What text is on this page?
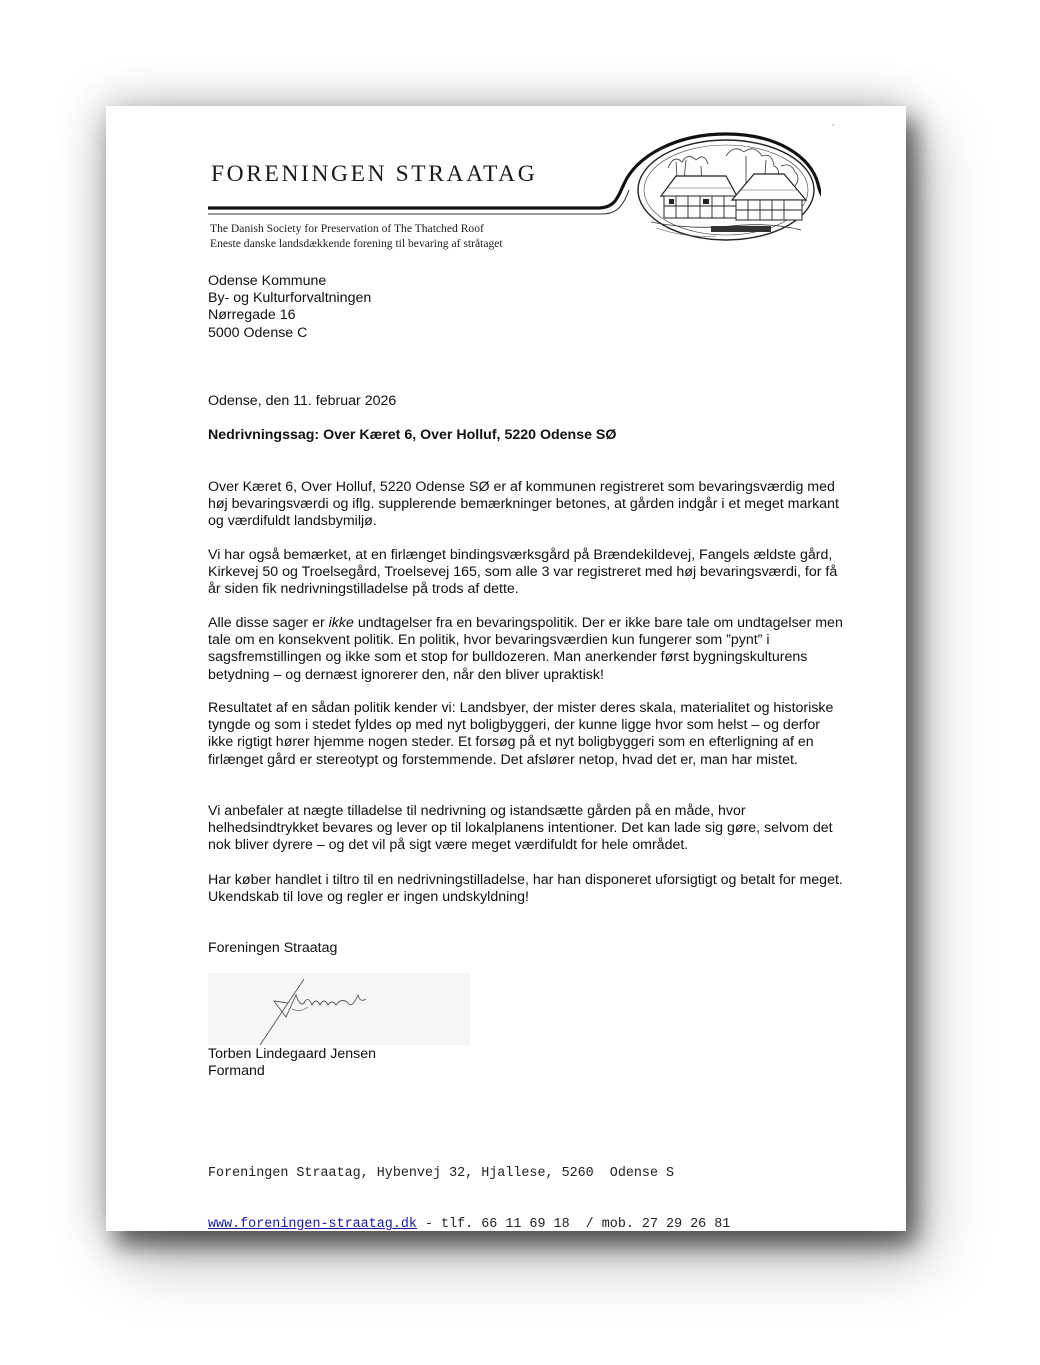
FORENINGEN STRAATAG
The Danish Society for Preservation of The Thatched Roof
Eneste danske landsdækkende forening til bevaring af stråtaget

Odense Kommune

By- og Kulturforvaltningen

Nørregade 16

5000 Odense C

Odense, den 11. februar 2026

Nedrivningssag: Over Kæret 6, Over Holluf, 5220 Odense SØ

Over Kæret 6, Over Holluf, 5220 Odense SØ er af kommunen registreret som bevaringsværdig med høj bevaringsværdi og iflg. supplerende bemærkninger betones, at gården indgår i et meget markant og værdifuldt landsbymiljø.

Vi har også bemærket, at en firlænget bindingsværksgård på Brændekildevej, Fangels ældste gård, Kirkevej 50 og Troelsegård, Troelsevej 165, som alle 3 var registreret med høj bevaringsværdi, for få år siden fik nedrivningstilladelse på trods af dette.

Alle disse sager er ikke undtagelser fra en bevaringspolitik. Der er ikke bare tale om undtagelser men tale om en konsekvent politik. En politik, hvor bevaringsværdien kun fungerer som ”pynt” i sagsfremstillingen og ikke som et stop for bulldozeren. Man anerkender først bygningskulturens betydning – og dernæst ignorerer den, når den bliver upraktisk!

Resultatet af en sådan politik kender vi: Landsbyer, der mister deres skala, materialitet og historiske tyngde og som i stedet fyldes op med nyt boligbyggeri, der kunne ligge hvor som helst – og derfor ikke rigtigt hører hjemme nogen steder. Et forsøg på et nyt boligbyggeri som en efterligning af en firlænget gård er stereotypt og forstemmende. Det afslører netop, hvad det er, man har mistet.

Vi anbefaler at nægte tilladelse til nedrivning og istandsætte gården på en måde, hvor helhedsindtrykket bevares og lever op til lokalplanens intentioner. Det kan lade sig gøre, selvom det nok bliver dyrere – og det vil på sigt være meget værdifuldt for hele området.

Har køber handlet i tiltro til en nedrivningstilladelse, har han disponeret uforsigtigt og betalt for meget. Ukendskab til love og regler er ingen undskyldning!

Foreningen Straatag

Torben Lindegaard Jensen

Formand

Foreningen Straatag, Hybenvej 32, Hjallese, 5260  Odense S

www.foreningen-straatag.dk - tlf. 66 11 69 18  / mob. 27 29 26 81
